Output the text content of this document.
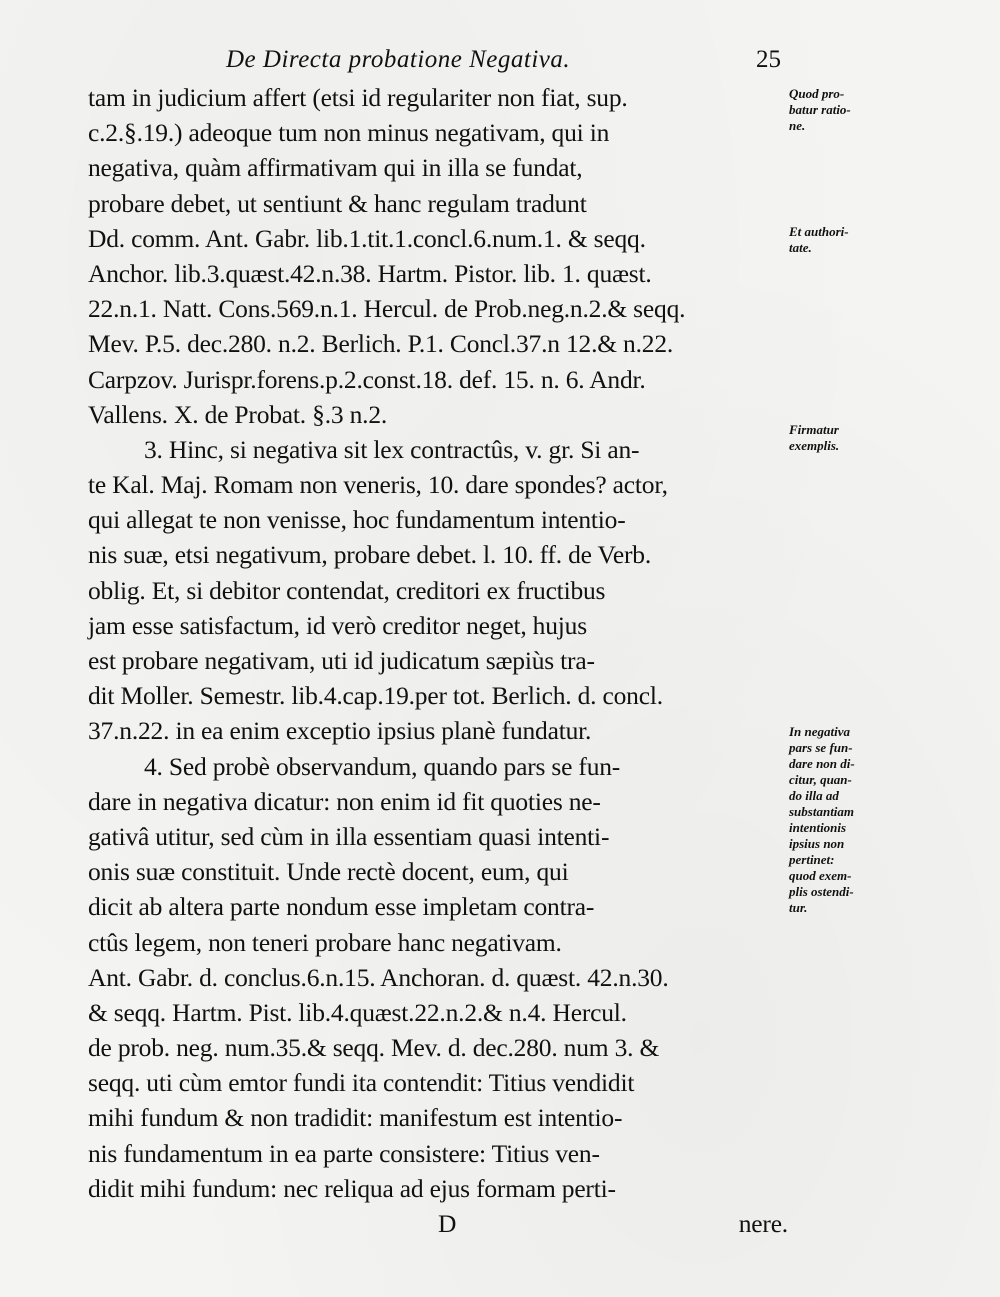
De Directa probatione Negativa.	25
tam in judicium affert (etsi id regulariter non fiat, sup.
c.2.§.19.) adeoque tum non minus negativam, qui in
negativa, quàm affirmativam qui in illa se fundat,
probare debet, ut sentiunt & hanc regulam tradunt
Dd. comm. Ant. Gabr. lib.1.tit.1.concl.6.num.1. & seqq.
Anchor. lib.3.quæst.42.n.38. Hartm. Pistor. lib. 1. quæst.
22.n.1. Natt. Cons.569.n.1. Hercul. de Prob.neg.n.2.& seqq.
Mev. P.5. dec.280. n.2. Berlich. P.1. Concl.37.n 12.& n.22.
Carpzov. Jurispr.forens.p.2.const.18. def. 15. n. 6. Andr.
Vallens. X. de Probat. §.3 n.2.
3. Hinc, si negativa sit lex contractûs, v. gr. Si an-
te Kal. Maj. Romam non veneris, 10. dare spondes? actor,
qui allegat te non venisse, hoc fundamentum intentio-
nis suæ, etsi negativum, probare debet. l. 10. ff. de Verb.
oblig. Et, si debitor contendat, creditori ex fructibus
jam esse satisfactum, id verò creditor neget, hujus
est probare negativam, uti id judicatum sæpiùs tra-
dit Moller. Semestr. lib.4.cap.19.per tot. Berlich. d. concl.
37.n.22. in ea enim exceptio ipsius planè fundatur.
4. Sed probè observandum, quando pars se fun-
dare in negativa dicatur: non enim id fit quoties ne-
gativâ utitur, sed cùm in illa essentiam quasi intenti-
onis suæ constituit. Unde rectè docent, eum, qui
dicit ab altera parte nondum esse impletam contra-
ctûs legem, non teneri probare hanc negativam.
Ant. Gabr. d. conclus.6.n.15. Anchoran. d. quæst. 42.n.30.
& seqq. Hartm. Pist. lib.4.quæst.22.n.2.& n.4. Hercul.
de prob. neg. num.35.& seqq. Mev. d. dec.280. num 3. &
seqq. uti cùm emtor fundi ita contendit: Titius vendidit
mihi fundum & non tradidit: manifestum est intentio-
nis fundamentum in ea parte consistere: Titius ven-
didit mihi fundum: nec reliqua ad ejus formam perti-
D	nere.
Quod pro-
batur ratio-
ne.
Et authori-
tate.
Firmatur
exemplis.
In negativa
pars se fun-
dare non di-
citur, quan-
do illa ad
substantiam
intentionis
ipsius non
pertinet:
quod exem-
plis ostendi-
tur.
